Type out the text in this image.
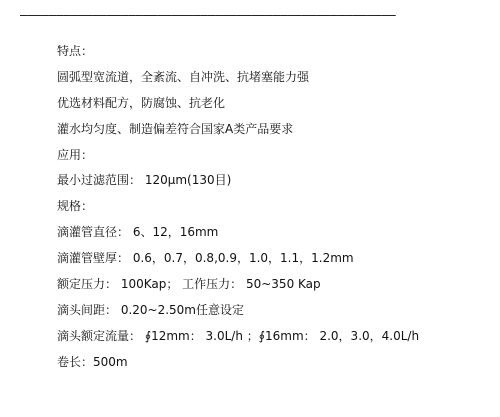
————————————————————————————————————————————————————
特点：
圆弧型宽流道，全紊流、自冲洗、抗堵塞能力强
优选材料配方，防腐蚀、抗老化
灌水均匀度、制造偏差符合国家A类产品要求
应用：
最小过滤范围： 120μm(130目)
规格：
滴灌管直径： 6、12，16mm
滴灌管壁厚： 0.6，0.7，0.8,0.9，1.0，1.1，1.2mm
额定压力： 100Kap； 工作压力： 50~350 Kap
滴头间距： 0.20~2.50m任意设定
滴头额定流量： ∮12mm： 3.0L/h ；∮16mm： 2.0，3.0，4.0L/h
卷长：500m
